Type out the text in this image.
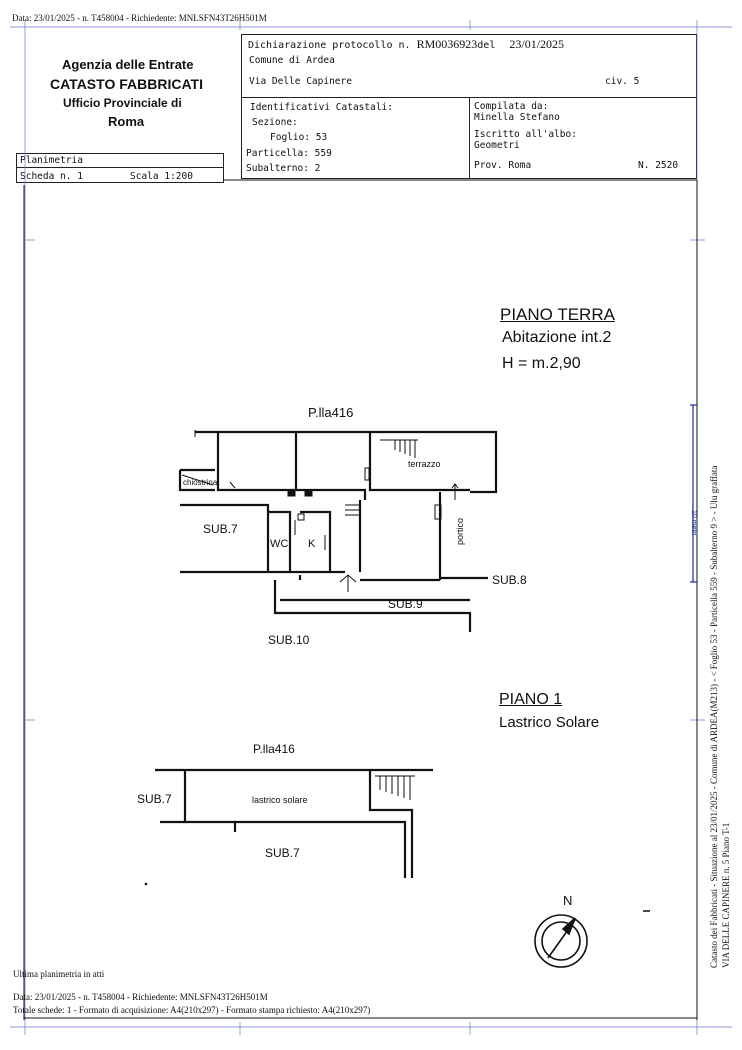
Data: 23/01/2025 - n. T458004 - Richiedente: MNLSFN43T26H501M
Agenzia delle Entrate
CATASTO FABBRICATI
Ufficio Provinciale di
Roma
Dichiarazione protocollo n. RM0036923del 23/01/2025
Comune di Ardea
Via Delle Capinere	civ. 5
Identificativi Catastali:
Sezione:
Foglio: 53
Particella: 559
Subalterno: 2
Compilata da:
Minella Stefano
Iscritto all'albo:
Geometri
Prov. Roma	N. 2520
Planimetria
Scheda n. 1	Scala 1:200
PIANO TERRA
Abitazione int.2
H = m.2,90
P.lla416
terrazzo
chiostrina
SUB.7
WC K	portico
SUB.8
SUB.9
SUB.10
PIANO 1
Lastrico Solare
P.lla416
SUB.7	lastrico solare
SUB.7
N
10 metri Catasto dei Fabbricati - Situazione al 23/01/2025 - Comune di ARDEA(M213) - < Foglio 53 - Particella 559 - Subalterno 9 > - Ulu graffata VIA DELLE CAPINERE n. 5 Piano T-1
Ultima planimetria in atti
Data: 23/01/2025 - n. T458004 - Richiedente: MNLSFN43T26H501M
Totale schede: 1 - Formato di acquisizione: A4(210x297) - Formato stampa richiesto: A4(210x297)
